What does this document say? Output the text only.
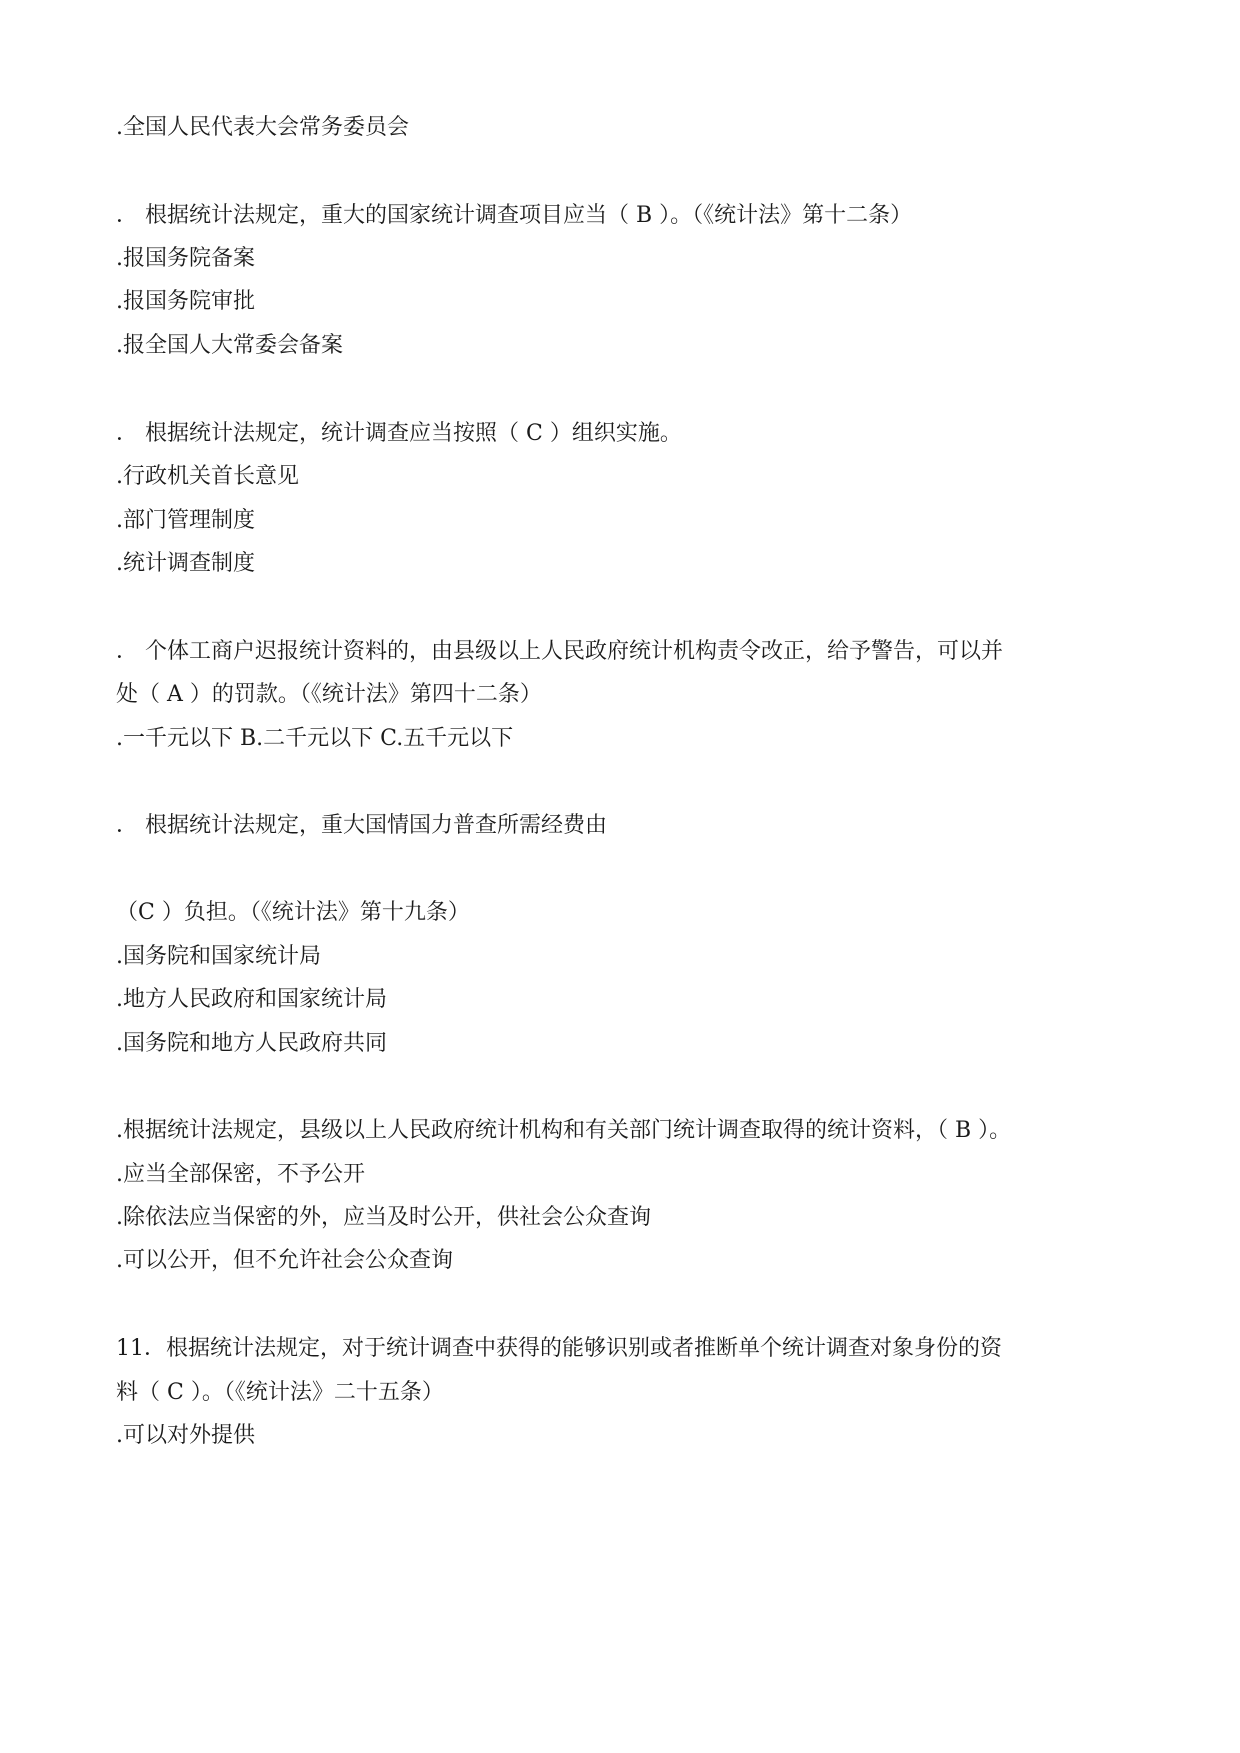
.全国人民代表大会常务委员会

． 根据统计法规定，重大的国家统计调查项目应当（ B ）。（《统计法》第十二条）

.报国务院备案

.报国务院审批

.报全国人大常委会备案

． 根据统计法规定，统计调查应当按照（ C ）组织实施。

.行政机关首长意见

.部门管理制度

.统计调查制度

． 个体工商户迟报统计资料的，由县级以上人民政府统计机构责令改正，给予警告，可以并

处（ A ）的罚款。（《统计法》第四十二条）

.一千元以下 B.二千元以下 C.五千元以下

． 根据统计法规定，重大国情国力普查所需经费由

（C ）负担。（《统计法》第十九条）

.国务院和国家统计局

.地方人民政府和国家统计局

.国务院和地方人民政府共同

.根据统计法规定，县级以上人民政府统计机构和有关部门统计调查取得的统计资料，（ B ）。

.应当全部保密，不予公开

.除依法应当保密的外，应当及时公开，供社会公众查询

.可以公开，但不允许社会公众查询

11．根据统计法规定，对于统计调查中获得的能够识别或者推断单个统计调查对象身份的资

料（ C ）。（《统计法》二十五条）

.可以对外提供
